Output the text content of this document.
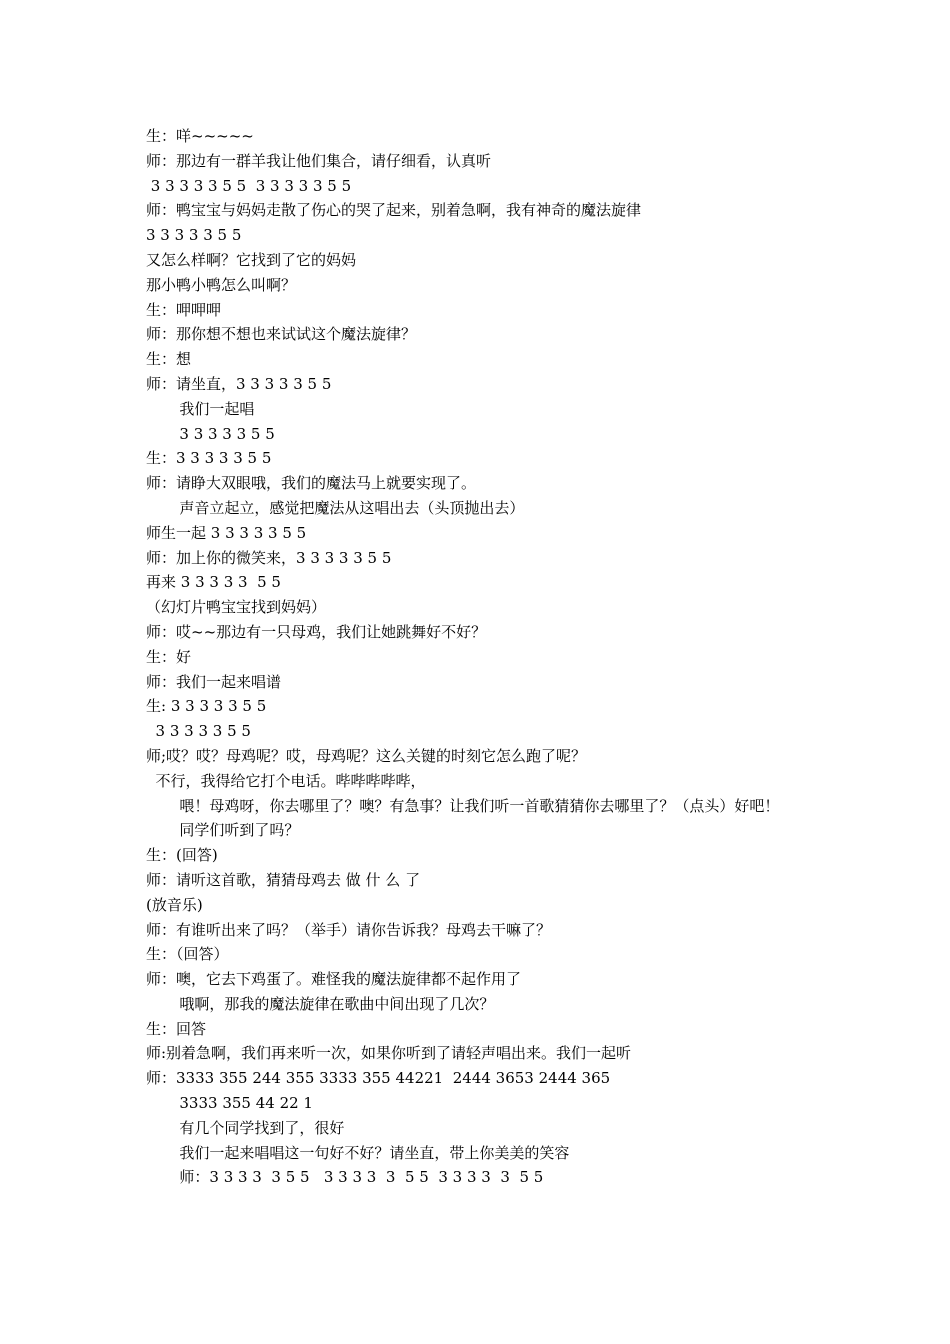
生：咩~~~~~
师：那边有一群羊我让他们集合，请仔细看，认真听
3 3 3 3 3 5 5  3 3 3 3 3 5 5
师：鸭宝宝与妈妈走散了伤心的哭了起来，别着急啊，我有神奇的魔法旋律
3 3 3 3 3 5 5
又怎么样啊？它找到了它的妈妈
那小鸭小鸭怎么叫啊？
生：呷呷呷
师：那你想不想也来试试这个魔法旋律？
生：想
师：请坐直，3 3 3 3 3 5 5
我们一起唱
3 3 3 3 3 5 5
生：3 3 3 3 3 5 5
师：请睁大双眼哦，我们的魔法马上就要实现了。
声音立起立，感觉把魔法从这唱出去（头顶抛出去）
师生一起 3 3 3 3 3 5 5
师：加上你的微笑来，3 3 3 3 3 5 5
再来 3 3 3 3 3  5 5
（幻灯片鸭宝宝找到妈妈）
师：哎~~那边有一只母鸡，我们让她跳舞好不好？
生：好
师：我们一起来唱谱
生: 3 3 3 3 3 5 5
3 3 3 3 3 5 5
师;哎？哎？母鸡呢？哎，母鸡呢？这么关键的时刻它怎么跑了呢？
不行，我得给它打个电话。哔哔哔哔哔，
喂！母鸡呀，你去哪里了？噢？有急事？让我们听一首歌猜猜你去哪里了？（点头）好吧！
同学们听到了吗？
生：(回答)
师：请听这首歌，猜猜母鸡去 做 什 么 了
(放音乐)
师：有谁听出来了吗？（举手）请你告诉我？母鸡去干嘛了？
生：（回答）
师：噢，它去下鸡蛋了。难怪我的魔法旋律都不起作用了
哦啊，那我的魔法旋律在歌曲中间出现了几次？
生：回答
师:别着急啊，我们再来听一次，如果你听到了请轻声唱出来。我们一起听
师：3333 355 244 355 3333 355 44221  2444 3653 2444 365
3333 355 44 22 1
有几个同学找到了，很好
我们一起来唱唱这一句好不好？请坐直，带上你美美的笑容
师：3 3 3 3  3 5 5   3 3 3 3  3  5 5  3 3 3 3  3  5 5
